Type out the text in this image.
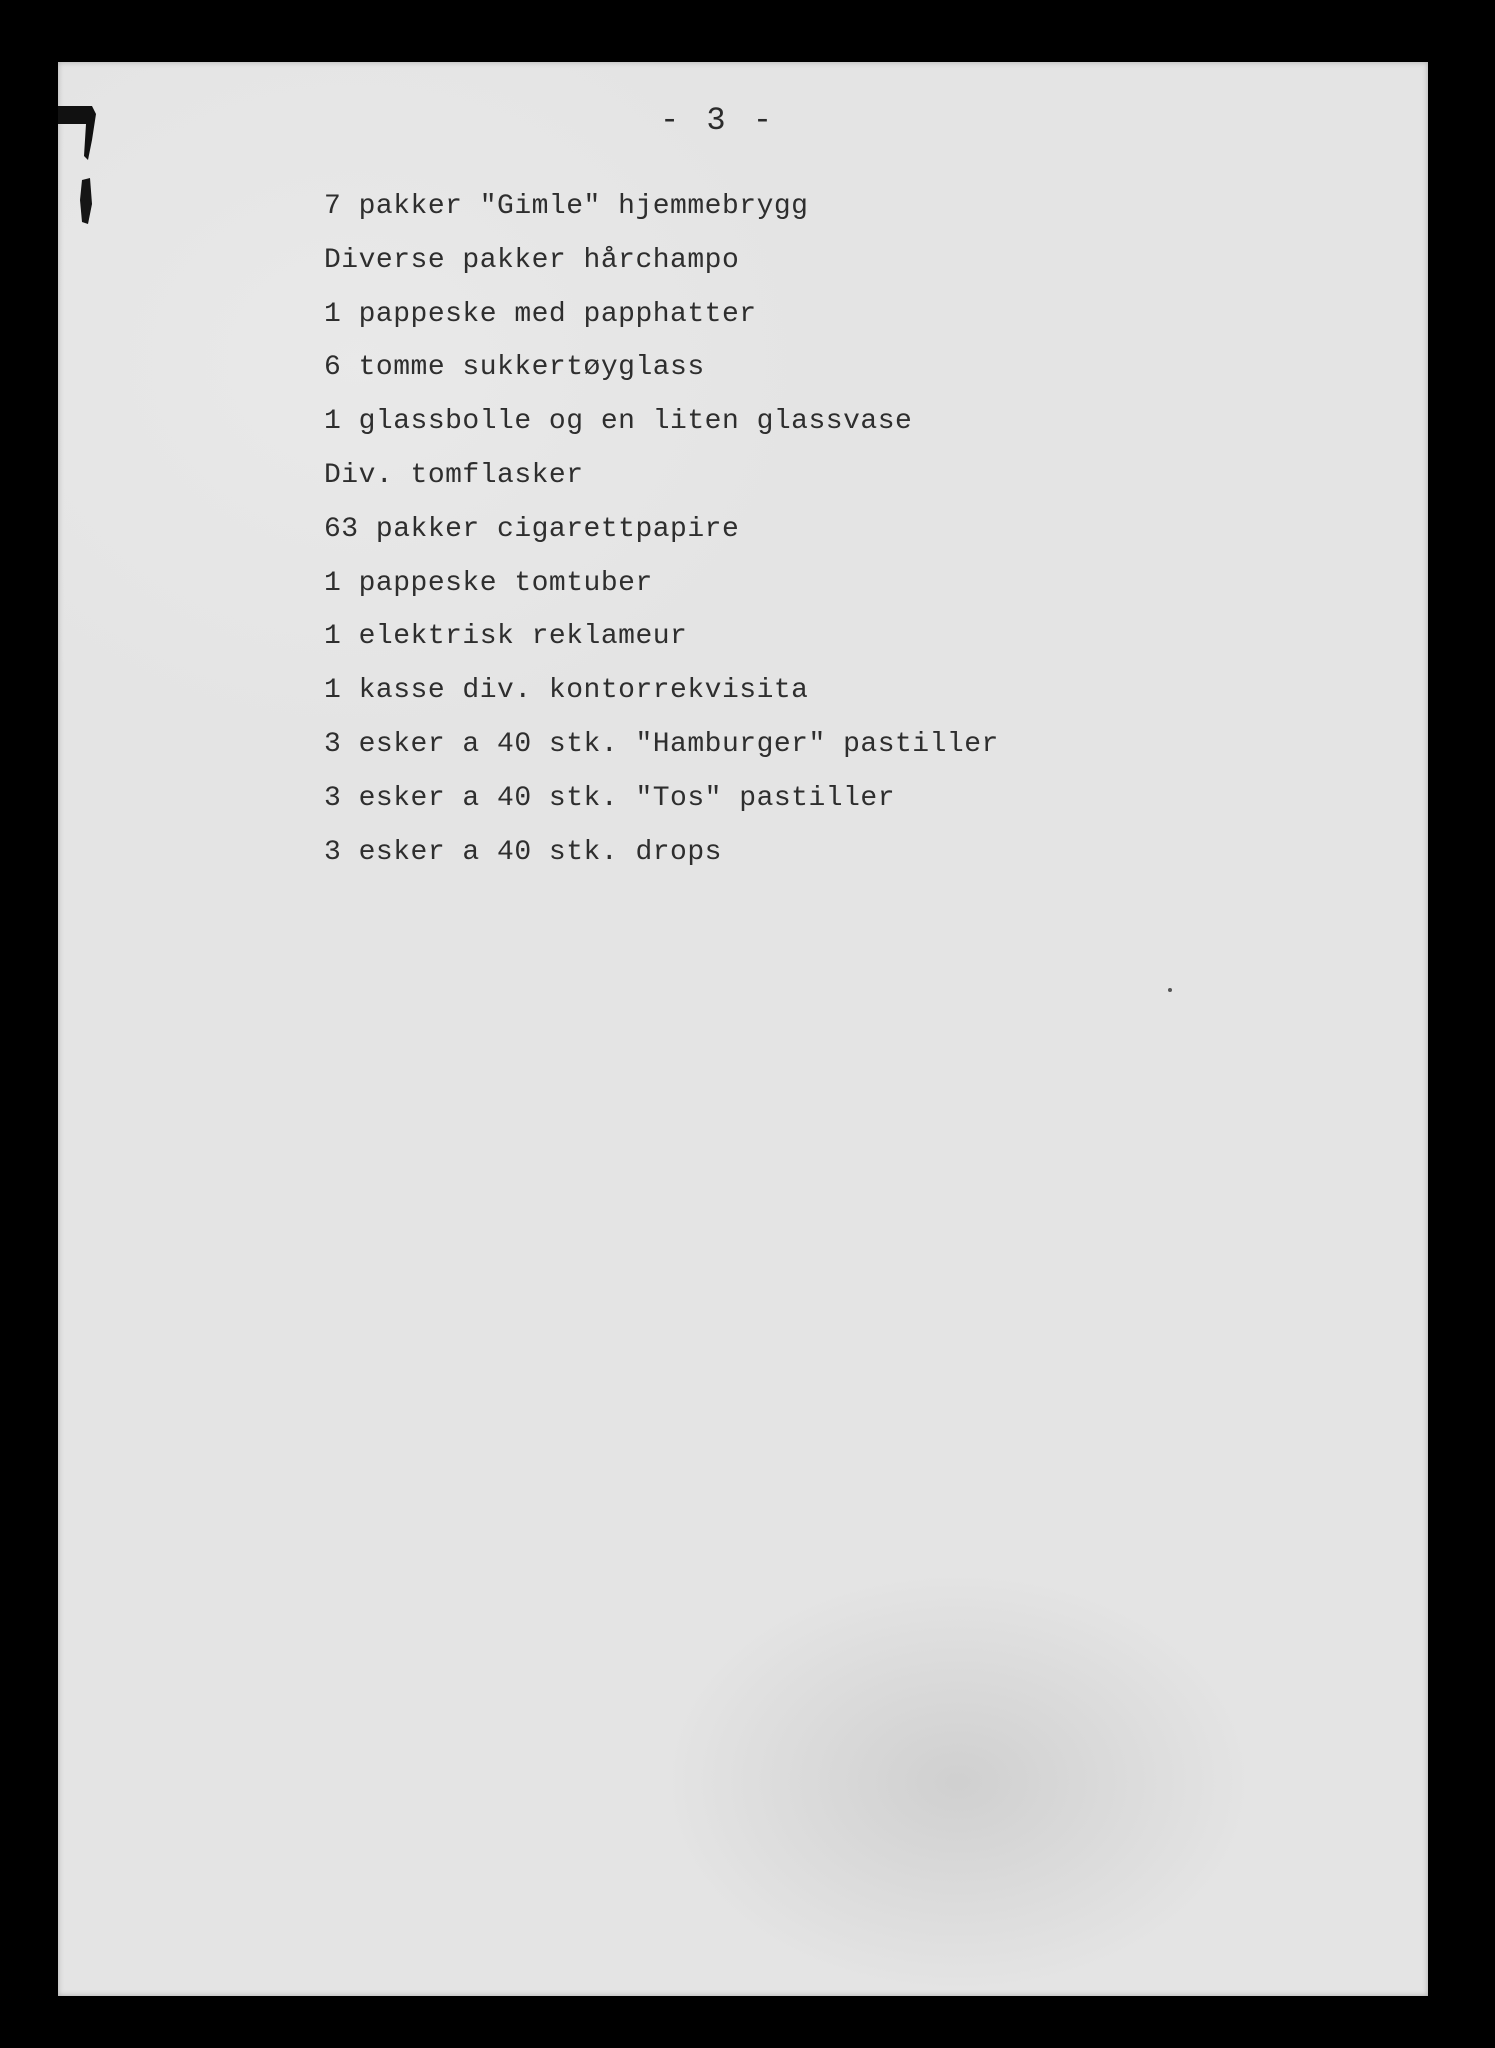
- 3 -
7 pakker "Gimle" hjemmebrygg
Diverse pakker hårchampo
1 pappeske med papphatter
6 tomme sukkertøyglass
1 glassbolle og en liten glassvase
Div. tomflasker
63 pakker cigarettpapire
1 pappeske tomtuber
1 elektrisk reklameur
1 kasse div. kontorrekvisita
3 esker a 40 stk. "Hamburger" pastiller
3 esker a 40 stk. "Tos" pastiller
3 esker a 40 stk. drops
